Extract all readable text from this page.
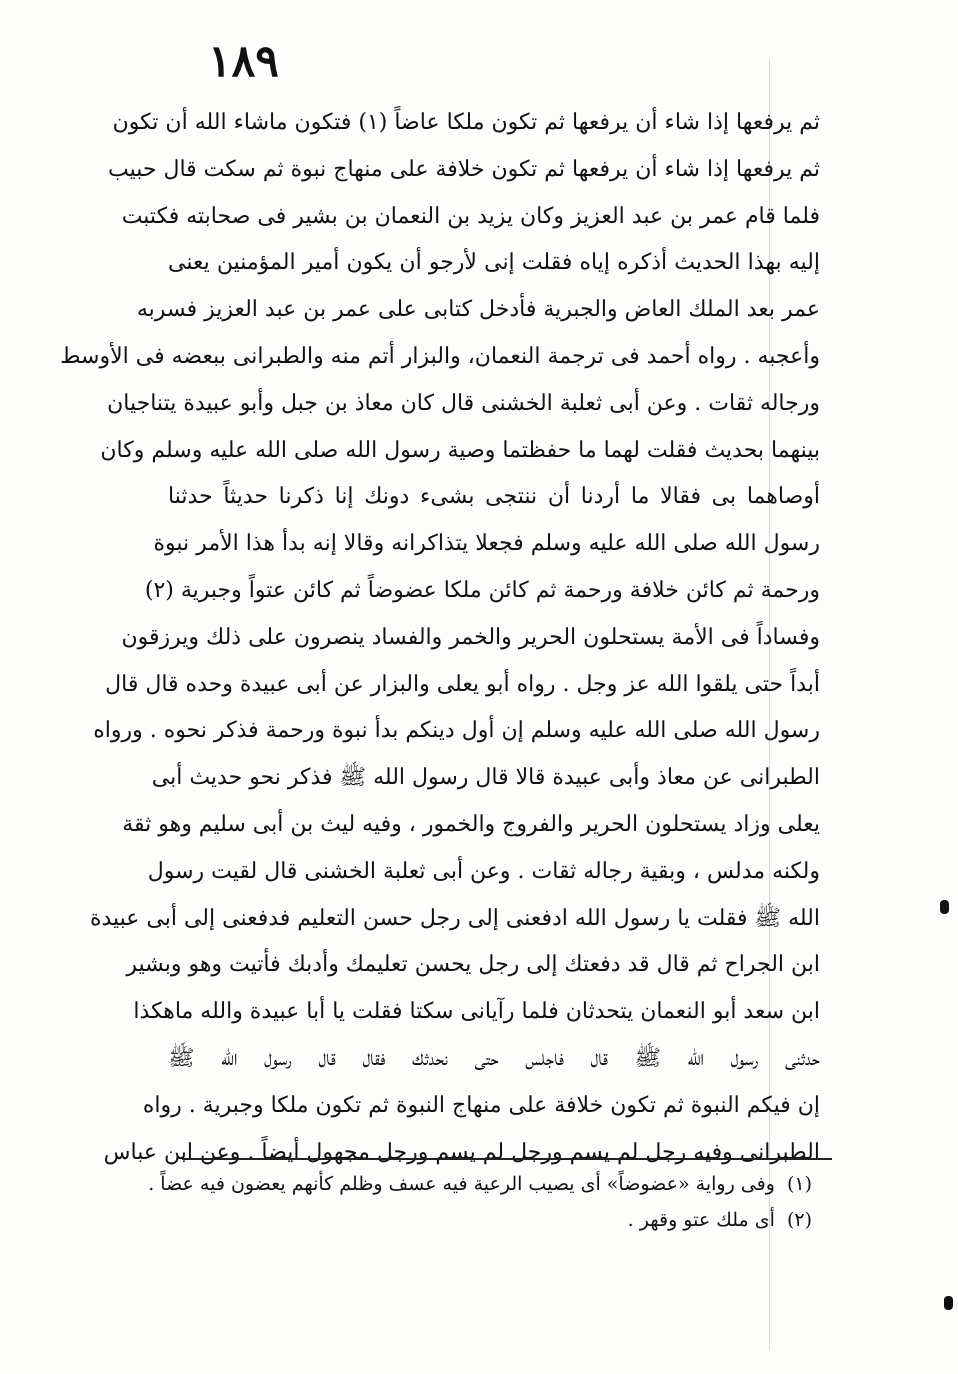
١٨٩
ثم يرفعها إذا شاء أن يرفعها ثم تكون ملكا عاضاً (١) فتكون ماشاء الله أن تكون
ثم يرفعها إذا شاء أن يرفعها ثم تكون خلافة على منهاج نبوة ثم سكت قال حبيب
فلما قام عمر بن عبد العزيز وكان يزيد بن النعمان بن بشير فى صحابته فكتبت
إليه بهذا الحديث أذكره إياه فقلت إنى لأرجو أن يكون أمير المؤمنين يعنى
عمر بعد الملك العاض والجبرية فأدخل كتابى على عمر بن عبد العزيز فسربه
وأعجبه . رواه أحمد فى ترجمة النعمان، والبزار أتم منه والطبرانى ببعضه فى الأوسط
ورجاله ثقات . وعن أبى ثعلبة الخشنى قال كان معاذ بن جبل وأبو عبيدة يتناجيان
بينهما بحديث فقلت لهما ما حفظتما وصية رسول الله صلى الله عليه وسلم وكان
أوصاهما بى فقالا ما أردنا أن ننتجى بشىء دونك إنا ذكرنا حديثاً حدثنا
رسول الله صلى الله عليه وسلم فجعلا يتذاكرانه وقالا إنه بدأ هذا الأمر نبوة
ورحمة ثم كائن خلافة ورحمة ثم كائن ملكا عضوضاً ثم كائن عتواً وجبرية (٢)
وفساداً فى الأمة يستحلون الحرير والخمر والفساد ينصرون على ذلك ويرزقون
أبداً حتى يلقوا الله عز وجل . رواه أبو يعلى والبزار عن أبى عبيدة وحده قال قال
رسول الله صلى الله عليه وسلم إن أول دينكم بدأ نبوة ورحمة فذكر نحوه . ورواه
الطبرانى عن معاذ وأبى عبيدة قالا قال رسول الله ﷺ فذكر نحو حديث أبى
يعلى وزاد يستحلون الحرير والفروج والخمور ، وفيه ليث بن أبى سليم وهو ثقة
ولكنه مدلس ، وبقية رجاله ثقات . وعن أبى ثعلبة الخشنى قال لقيت رسول
الله ﷺ فقلت يا رسول الله ادفعنى إلى رجل حسن التعليم فدفعنى إلى أبى عبيدة
ابن الجراح ثم قال قد دفعتك إلى رجل يحسن تعليمك وأدبك فأتيت وهو وبشير
ابن سعد أبو النعمان يتحدثان فلما رآيانى سكتا فقلت يا أبا عبيدة والله ماهكذا
حدثنى رسول الله ﷺ قال فاجلس حتى نحدثك فقال قال رسول الله ﷺ
إن فيكم النبوة ثم تكون خلافة على منهاج النبوة ثم تكون ملكا وجبرية . رواه
الطبرانى وفيه رجل لم يسم ورجل لم يسم ورجل مجهول أيضاً . وعن ابن عباس
(١) وفى رواية «عضوضاً» أى يصيب الرعية فيه عسف وظلم كأنهم يعضون فيه عضاً .
(٢) أى ملك عتو وقهر .
